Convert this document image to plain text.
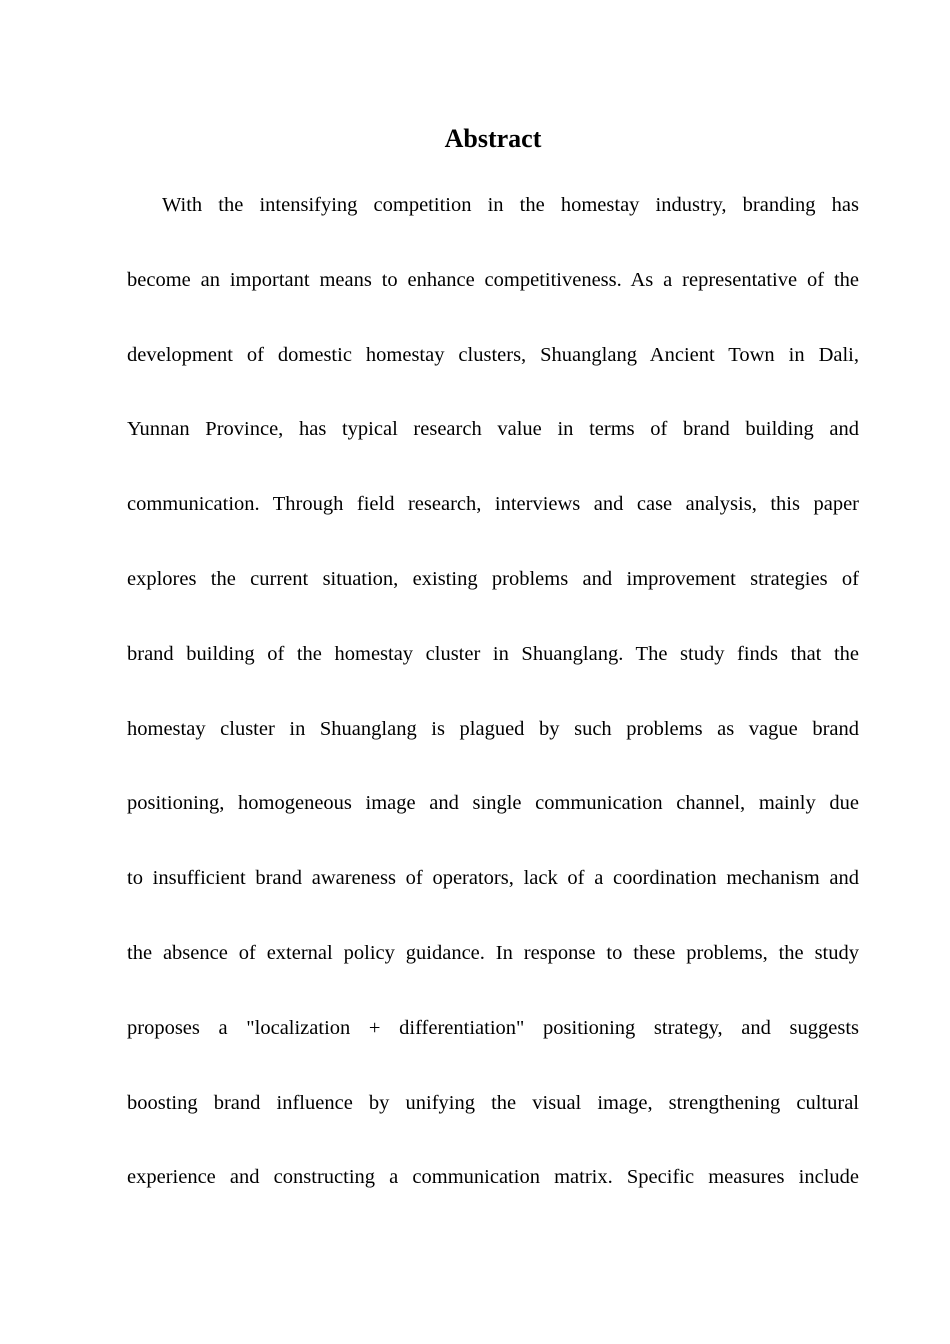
Abstract
With the intensifying competition in the homestay industry, branding has
become an important means to enhance competitiveness. As a representative of the
development of domestic homestay clusters, Shuanglang Ancient Town in Dali,
Yunnan Province, has typical research value in terms of brand building and
communication. Through field research, interviews and case analysis, this paper
explores the current situation, existing problems and improvement strategies of
brand building of the homestay cluster in Shuanglang. The study finds that the
homestay cluster in Shuanglang is plagued by such problems as vague brand
positioning, homogeneous image and single communication channel, mainly due
to insufficient brand awareness of operators, lack of a coordination mechanism and
the absence of external policy guidance. In response to these problems, the study
proposes a "localization + differentiation" positioning strategy, and suggests
boosting brand influence by unifying the visual image, strengthening cultural
experience and constructing a communication matrix. Specific measures include
